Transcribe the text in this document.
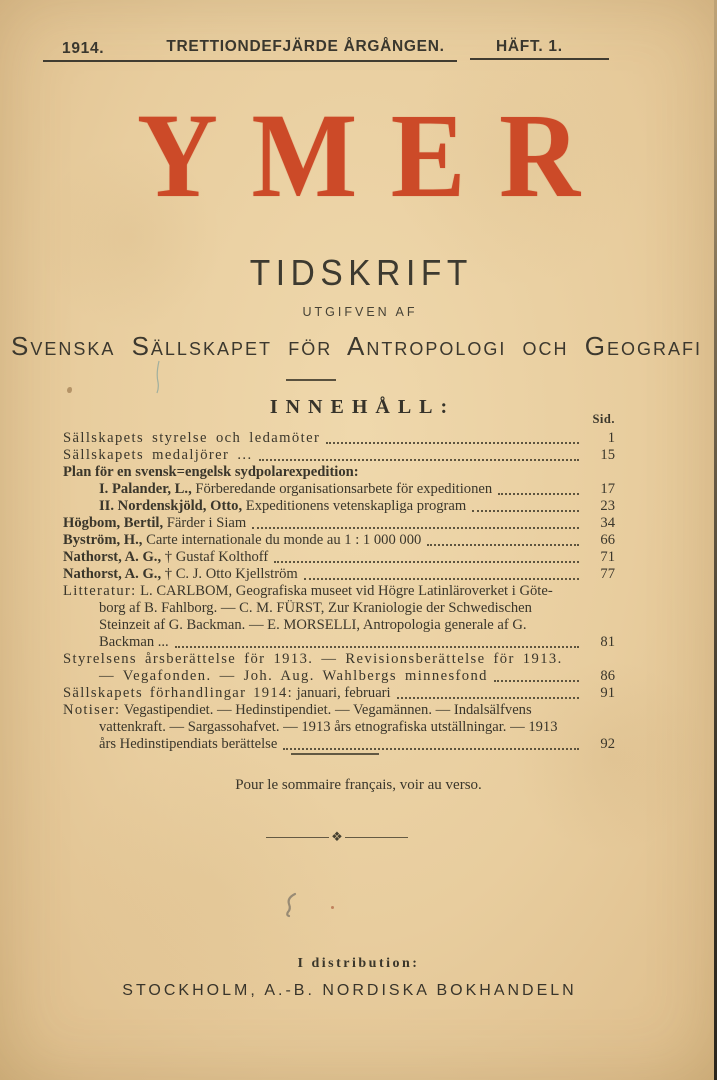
1914.	TRETTIONDEFJÄRDE ÅRGÅNGEN.	HÄFT. 1.
YMER
TIDSKRIFT
UTGIFVEN AF
Svenska Sällskapet för Antropologi och Geografi
INNEHÅLL:
Sid.
Sällskapets styrelse och ledamöter	1
Sällskapets medaljörer ...	15
Plan för en svensk=engelsk sydpolarexpedition:
I. Palander, L., Förberedande organisationsarbete för expeditionen	17
II. Nordenskjöld, Otto, Expeditionens vetenskapliga program	23
Högbom, Bertil, Färder i Siam	34
Byström, H., Carte internationale du monde au 1 : 1 000 000	66
Nathorst, A. G., † Gustaf Kolthoff	71
Nathorst, A. G., † C. J. Otto Kjellström	77
Litteratur: L. CARLBOM, Geografiska museet vid Högre Latinläroverket i Göte-
borg af B. Fahlborg. — C. M. FÜRST, Zur Kraniologie der Schwedischen
Steinzeit af G. Backman. — E. MORSELLI, Antropologia generale af G.
Backman ...	81
Styrelsens årsberättelse för 1913. — Revisionsberättelse för 1913.
— Vegafonden. — Joh. Aug. Wahlbergs minnesfond	86
Sällskapets förhandlingar 1914: januari, februari	91
Notiser: Vegastipendiet. — Hedinstipendiet. — Vegamännen. — Indalsälfvens
vattenkraft. — Sargassohafvet. — 1913 års etnografiska utställningar. — 1913
års Hedinstipendiats berättelse	92
Pour le sommaire français, voir au verso.
❖
I distribution:
STOCKHOLM, A.-B. NORDISKA BOKHANDELN
